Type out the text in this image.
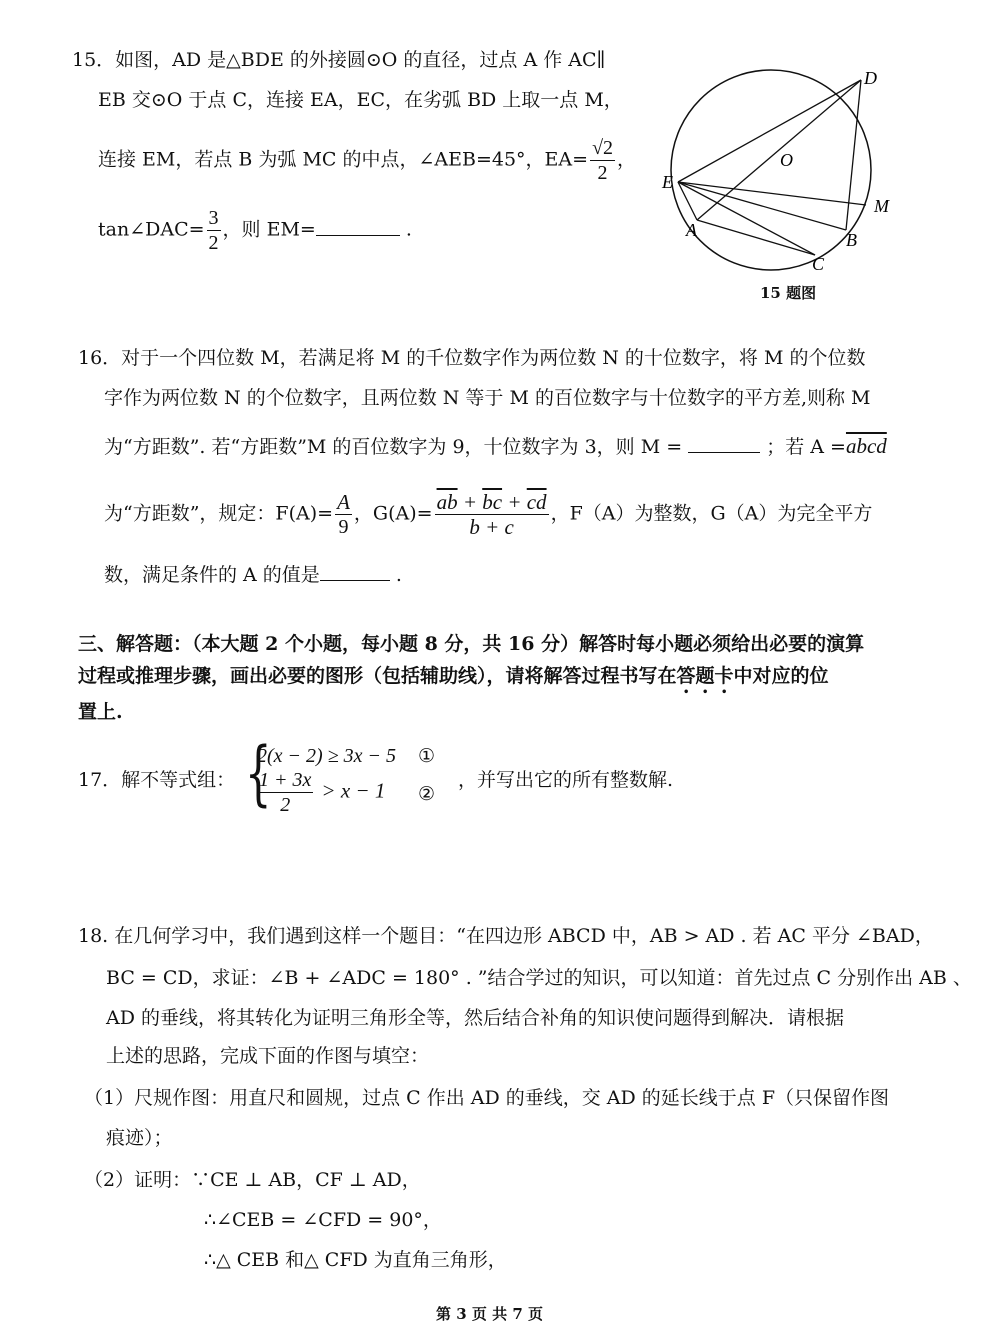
15．如图，AD 是△BDE 的外接圆⊙O 的直径，过点 A 作 AC∥
EB 交⊙O 于点 C，连接 EA，EC，在劣弧 BD 上取一点 M，
连接 EM，若点 B 为弧 MC 的中点，∠AEB=45°，$EA= \frac{√2}{2}$ ，
tan∠DAC= $\frac{3}{2}$ ，则 EM=	.
D
O
E
M
A	B
C
15 题图
16．对于一个四位数 M，若满足将 M 的千位数字作为两位数 N 的十位数字，将 M 的个位数
字作为两位数 N 的个位数字，且两位数 N 等于 M 的百位数字与十位数字的平方差,则称 M
为“方距数”. 若“方距数”M 的百位数字为 9，十位数字为 3，则 M =	；若 A =abcd
为“方距数”，规定：$F(A)= \frac{A}{9}$ ，$G(A)= \frac{\overline{ab} + \overline{bc} + \overline{cd}}{b + c}$ ，F（A）为整数，G（A）为完全平方
数，满足条件的 A 的值是	.
三、解答题：（本大题 2 个小题，每小题 8 分，共 16 分）解答时每小题必须给出必要的演算
过程或推理步骤，画出必要的图形（包括辅助线），请将解答过程书写在答题卡中对应的位
置上.
17．解不等式组： {
2(x − 2) ≥ 3x − 5 ①
$\frac{1 + 3x}{2} > x - 1$ ②
，并写出它的所有整数解.
18. 在几何学习中，我们遇到这样一个题目：“在四边形 ABCD 中，AB > AD . 若 AC 平分 ∠BAD，
BC = CD，求证：∠B + ∠ADC = 180° . ”结合学过的知识，可以知道：首先过点 C 分别作出 AB 、
AD 的垂线，将其转化为证明三角形全等，然后结合补角的知识使问题得到解决．请根据
上述的思路，完成下面的作图与填空：
（1）尺规作图：用直尺和圆规，过点 C 作出 AD 的垂线，交 AD 的延长线于点 F（只保留作图
痕迹）；
（2）证明：∵CE ⊥ AB，CF ⊥ AD，
∴∠CEB = ∠CFD = 90°，
∴△ CEB 和△ CFD 为直角三角形，
第 3 页 共 7 页
